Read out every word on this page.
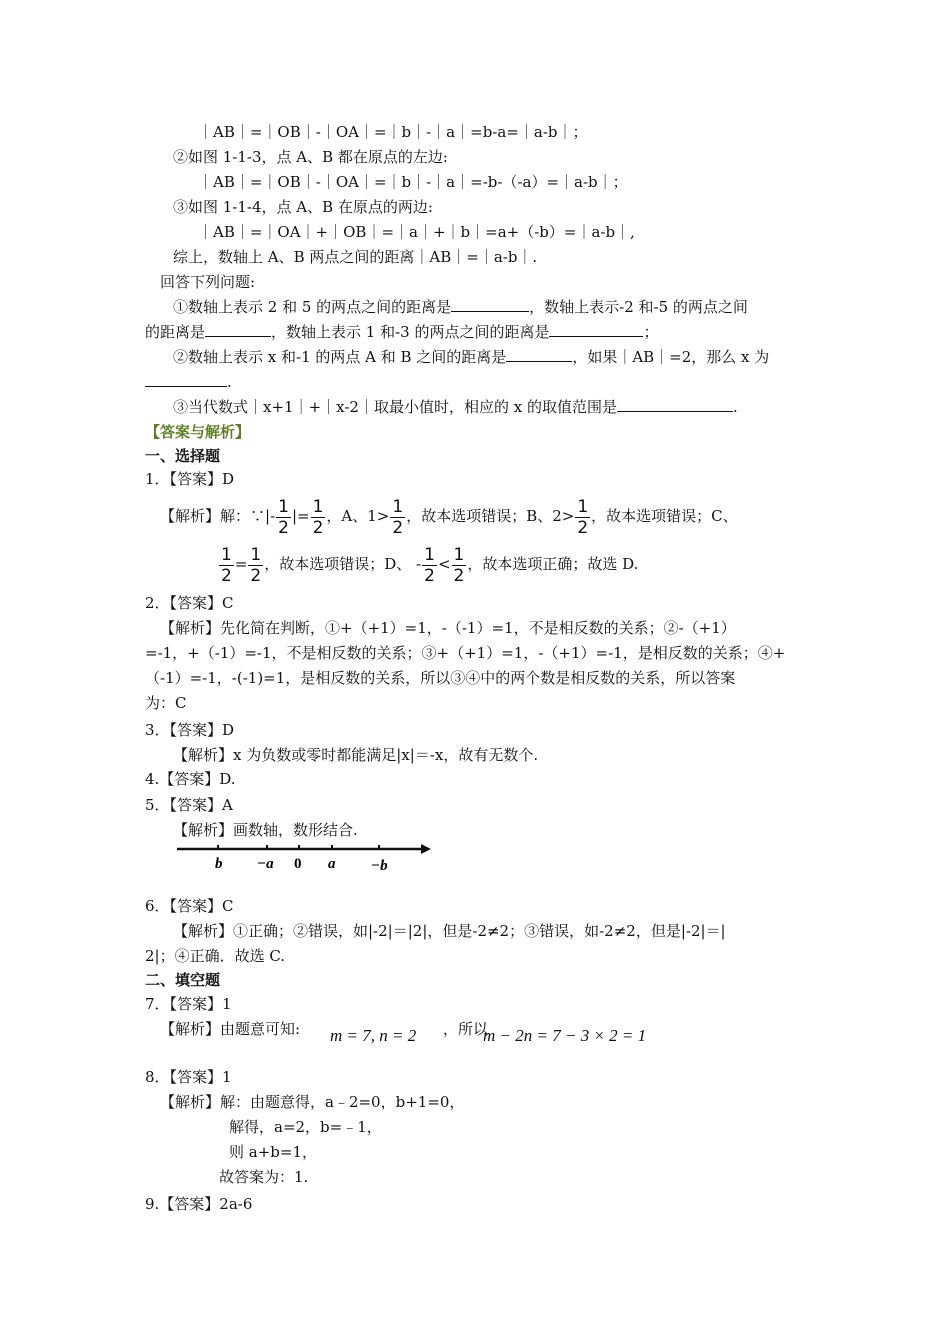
｜AB｜=｜OB｜-｜OA｜=｜b｜-｜a｜=b-a=｜a-b｜；
②如图 1-1-3，点 A、B 都在原点的左边:
｜AB｜=｜OB｜-｜OA｜=｜b｜-｜a｜=-b-（-a）=｜a-b｜；
③如图 1-1-4，点 A、B 在原点的两边:
｜AB｜=｜OA｜+｜OB｜=｜a｜+｜b｜=a+（-b）=｜a-b｜,
综上，数轴上 A、B 两点之间的距离｜AB｜=｜a-b｜.
回答下列问题:
①数轴上表示 2 和 5 的两点之间的距离是	，数轴上表示-2 和-5 的两点之间
的距离是	，数轴上表示 1 和-3 的两点之间的距离是	；
②数轴上表示 x 和-1 的两点 A 和 B 之间的距离是	，如果｜AB｜=2，那么 x 为
.
③当代数式｜x+1｜+｜x-2｜取最小值时，相应的 x 的取值范围是	.
【答案与解析】
一、选择题
1．【答案】D
【解析】解：∵|- $\frac{1}{2}$ |= $\frac{1}{2}$ ，A、$1> \frac{1}{2}$ ，故本选项错误；B、$2> \frac{1}{2}$ ，故本选项错误；C、
$\frac{1}{2} = \frac{1}{2}$ ，故本选项错误；D、 - $\frac{1}{2} < \frac{1}{2}$ ，故本选项正确；故选 D.
2．【答案】C
【解析】先化简在判断，①+（+1）=1，-（-1）=1，不是相反数的关系；②-（+1）
=-1，+（-1）=-1，不是相反数的关系；③+（+1）=1，-（+1）=-1，是相反数的关系；④+
（-1）=-1，-(-1)=1，是相反数的关系，所以③④中的两个数是相反数的关系，所以答案
为：C
3．【答案】D
【解析】x 为负数或零时都能满足|x|＝-x，故有无数个.
4.【答案】D.
5．【答案】A
【解析】画数轴，数形结合.
b −a 0 a −b
6．【答案】C
【解析】①正确；②错误，如|-2|＝|2|，但是-2≠2；③错误，如-2≠2，但是|-2|＝|
2|；④正确．故选 C.
二、填空题
7．【答案】1
【解析】由题意可知: m = 7, n = 2 ，所以
m − 2n = 7 − 3 × 2 = 1
8．【答案】1
【解析】解：由题意得，a﹣2=0，b+1=0，
解得，a=2，b=﹣1，
则 a+b=1，
故答案为：1.
9.【答案】2a-6
